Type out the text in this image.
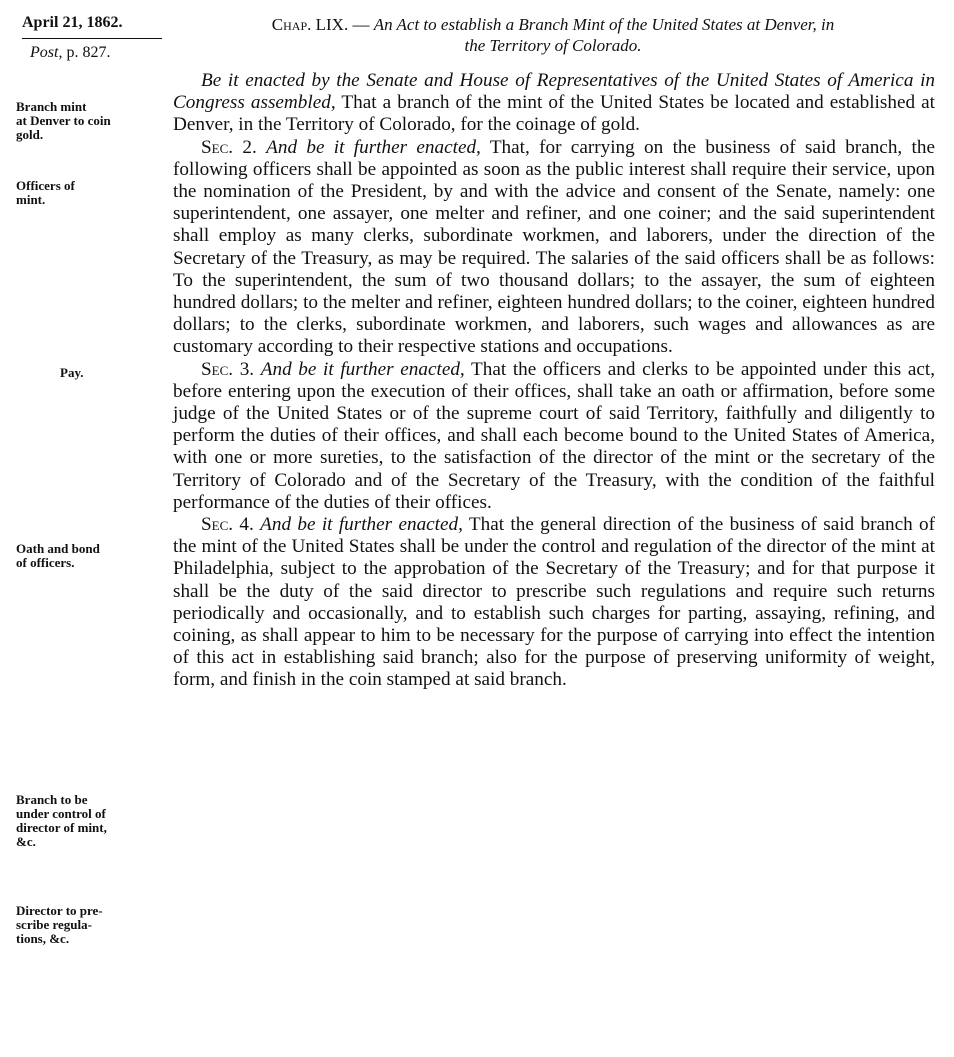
April 21, 1862.
Post, p. 827.
Chap. LIX. — An Act to establish a Branch Mint of the United States at Denver, in
the Territory of Colorado.
Branch mint
at Denver to coin
gold.
Officers of
mint.
Pay.
Oath and bond
of officers.
Branch to be
under control of
director of mint,
&c.
Director to pre-
scribe regula-
tions, &c.

Be it enacted by the Senate and House of Representatives of the United States of America in Congress assembled, That a branch of the mint of the United States be located and established at Denver, in the Territory of Colorado, for the coinage of gold.

Sec. 2. And be it further enacted, That, for carrying on the business of said branch, the following officers shall be appointed as soon as the public interest shall require their service, upon the nomination of the President, by and with the advice and consent of the Senate, namely: one superintendent, one assayer, one melter and refiner, and one coiner; and the said superintendent shall employ as many clerks, subordinate workmen, and laborers, under the direction of the Secretary of the Treasury, as may be required. The salaries of the said officers shall be as follows: To the superintendent, the sum of two thousand dollars; to the assayer, the sum of eighteen hundred dollars; to the melter and refiner, eighteen hundred dollars; to the coiner, eighteen hundred dollars; to the clerks, subordinate workmen, and laborers, such wages and allowances as are customary according to their respective stations and occupations.

Sec. 3. And be it further enacted, That the officers and clerks to be appointed under this act, before entering upon the execution of their offices, shall take an oath or affirmation, before some judge of the United States or of the supreme court of said Territory, faithfully and diligently to perform the duties of their offices, and shall each become bound to the United States of America, with one or more sureties, to the satisfaction of the director of the mint or the secretary of the Territory of Colorado and of the Secretary of the Treasury, with the condition of the faithful performance of the duties of their offices.

Sec. 4. And be it further enacted, That the general direction of the business of said branch of the mint of the United States shall be under the control and regulation of the director of the mint at Philadelphia, subject to the approbation of the Secretary of the Treasury; and for that purpose it shall be the duty of the said director to prescribe such regulations and require such returns periodically and occasionally, and to establish such charges for parting, assaying, refining, and coining, as shall appear to him to be necessary for the purpose of carrying into effect the intention of this act in establishing said branch; also for the purpose of preserving uniformity of weight, form, and finish in the coin stamped at said branch.
